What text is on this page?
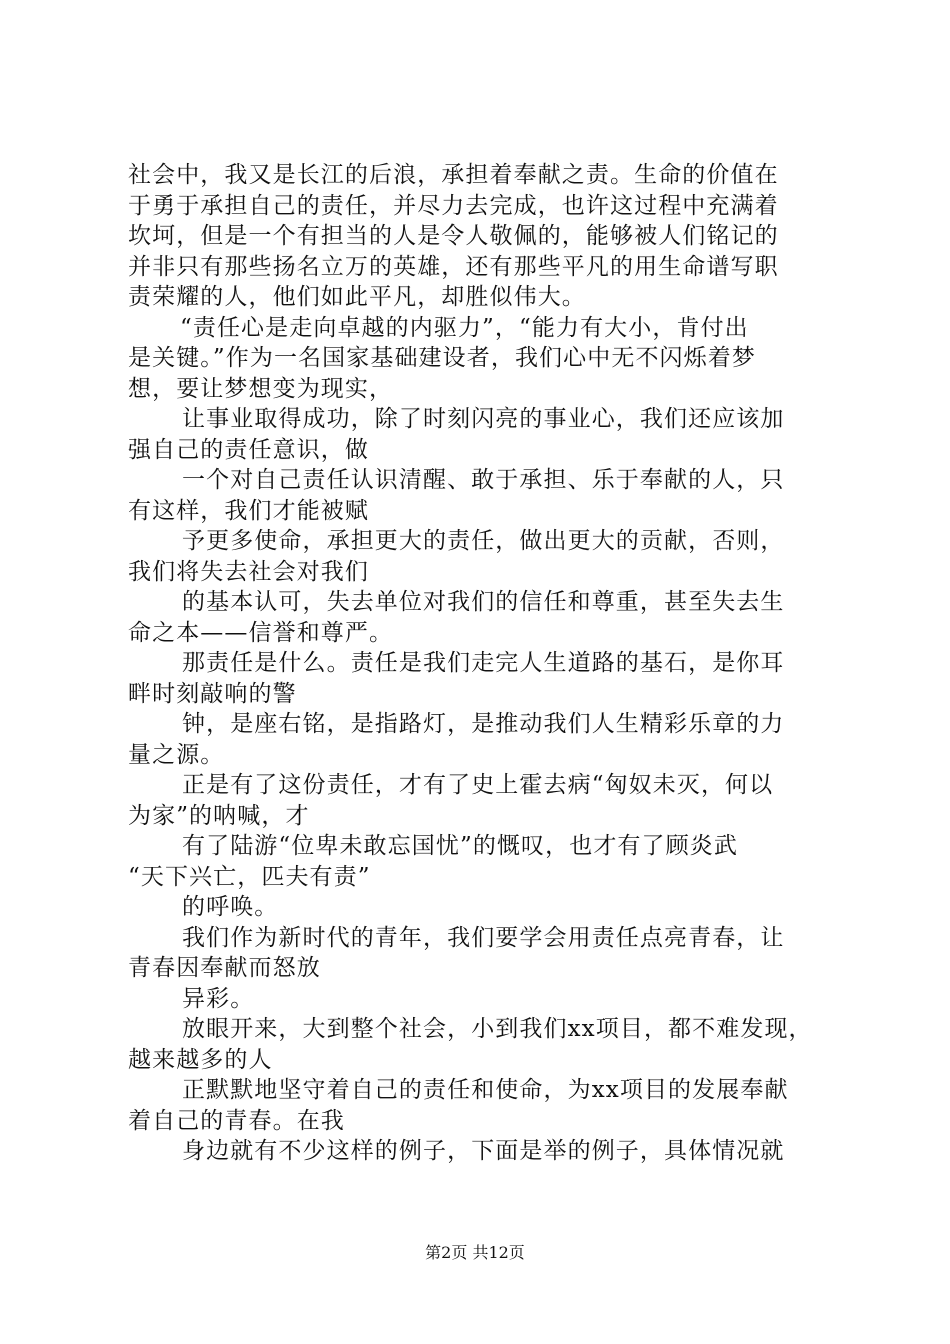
社会中，我又是长江的后浪，承担着奉献之责。生命的价值在
于勇于承担自己的责任，并尽力去完成，也许这过程中充满着
坎坷，但是一个有担当的人是令人敬佩的，能够被人们铭记的
并非只有那些扬名立万的英雄，还有那些平凡的用生命谱写职
责荣耀的人，他们如此平凡，却胜似伟大。
“责任心是走向卓越的内驱力”，“能力有大小，肯付出
是关键。”作为一名国家基础建设者，我们心中无不闪烁着梦
想，要让梦想变为现实，
让事业取得成功，除了时刻闪亮的事业心，我们还应该加
强自己的责任意识，做
一个对自己责任认识清醒、敢于承担、乐于奉献的人，只
有这样，我们才能被赋
予更多使命，承担更大的责任，做出更大的贡献，否则，
我们将失去社会对我们
的基本认可，失去单位对我们的信任和尊重，甚至失去生
命之本——信誉和尊严。
那责任是什么。责任是我们走完人生道路的基石，是你耳
畔时刻敲响的警
钟，是座右铭，是指路灯，是推动我们人生精彩乐章的力
量之源。
正是有了这份责任，才有了史上霍去病“匈奴未灭，何以
为家”的呐喊，才
有了陆游“位卑未敢忘国忧”的慨叹，也才有了顾炎武
“天下兴亡，匹夫有责”
的呼唤。
我们作为新时代的青年，我们要学会用责任点亮青春，让
青春因奉献而怒放
异彩。
放眼开来，大到整个社会，小到我们xx项目，都不难发现，
越来越多的人
正默默地坚守着自己的责任和使命，为xx项目的发展奉献
着自己的青春。在我
身边就有不少这样的例子，下面是举的例子，具体情况就
第2页 共12页
